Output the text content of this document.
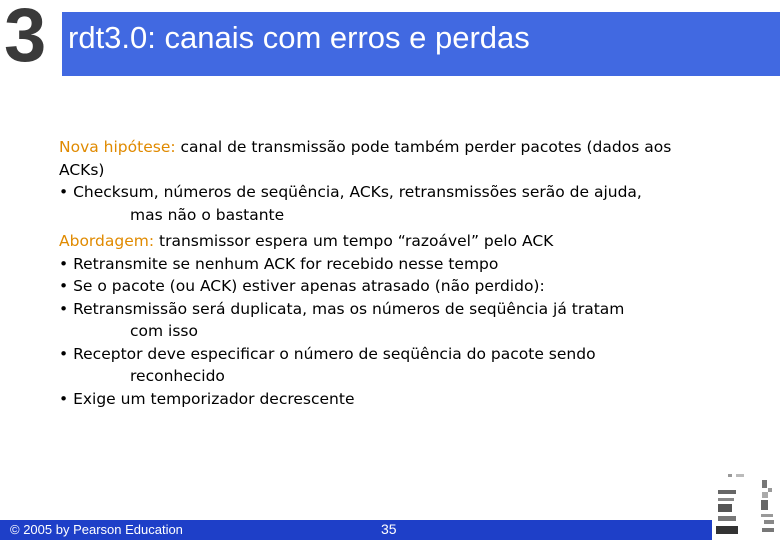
3 rdt3.0: canais com erros e perdas
Nova hipótese: canal de transmissão pode também perder pacotes (dados aos ACKs)
• Checksum, números de seqüência, ACKs, retransmissões serão de ajuda,
mas não o bastante
Abordagem: transmissor espera um tempo “razoável” pelo ACK
• Retransmite se nenhum ACK for recebido nesse tempo
• Se o pacote (ou ACK) estiver apenas atrasado (não perdido):
• Retransmissão será duplicata, mas os números de seqüência já tratam
com isso
• Receptor deve especificar o número de seqüência do pacote sendo
reconhecido
• Exige um temporizador decrescente
© 2005 by Pearson Education	35
